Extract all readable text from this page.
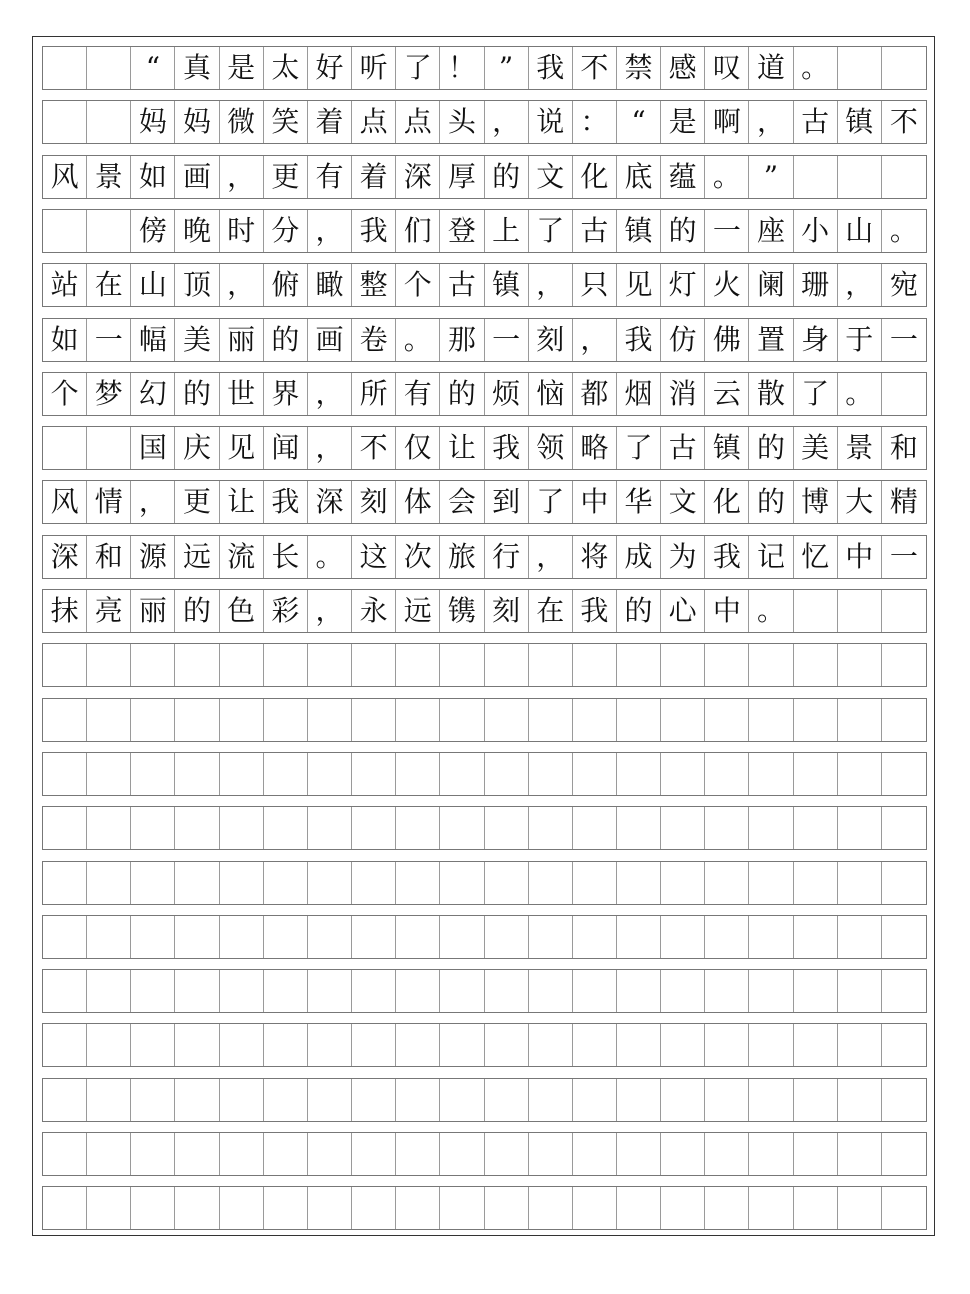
“ 真 是 太 好 听 了 ！ ” 我 不 禁 感 叹 道 。
妈 妈 微 笑 着 点 点 头 ， 说 ： “ 是 啊 ， 古 镇 不
风 景 如 画 ， 更 有 着 深 厚 的 文 化 底 蕴 。 ”
傍 晚 时 分 ， 我 们 登 上 了 古 镇 的 一 座 小 山 。
站 在 山 顶 ， 俯 瞰 整 个 古 镇 ， 只 见 灯 火 阑 珊 ， 宛
如 一 幅 美 丽 的 画 卷 。 那 一 刻 ， 我 仿 佛 置 身 于 一
个 梦 幻 的 世 界 ， 所 有 的 烦 恼 都 烟 消 云 散 了 。
国 庆 见 闻 ， 不 仅 让 我 领 略 了 古 镇 的 美 景 和
风 情 ， 更 让 我 深 刻 体 会 到 了 中 华 文 化 的 博 大 精
深 和 源 远 流 长 。 这 次 旅 行 ， 将 成 为 我 记 忆 中 一
抹 亮 丽 的 色 彩 ， 永 远 镌 刻 在 我 的 心 中 。
